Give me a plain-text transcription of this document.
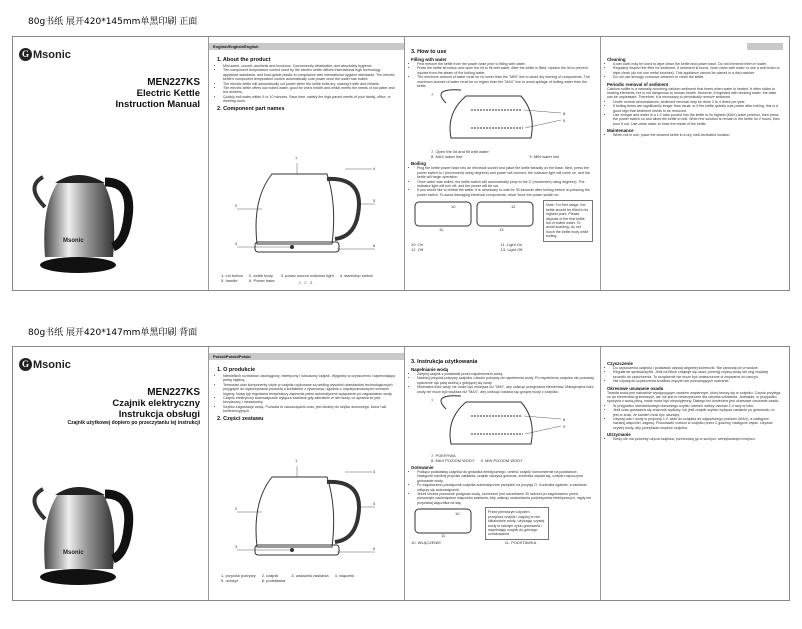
80g书纸 展开420*145mm单黑印刷 正面
G Msonic
MEN227KS
Electric Kettle
Instruction Manual
Msonic
English/English/English
1. About the product
• Mini-sized, curved, aesthetic and luxurious. Conveniently detachable, and absolutely hygienic.
• The component temperature control used by the electric kettle utilizes international high technology appliance standards, and food-grade plastic in compliance with international hygiene standards. The electric kettle's component temperature control automatically cuts power once the water has boiled.
• The electric kettle will automatically cut power when the kettle boils dry, making it safe and reliable.
• The electric kettle offers low boiled water, good for one's health and which meets the needs of hot water and tea drinkers.
• Quickly boil water within 5 or 10 minutes. Save time, satisfy the high-paced needs of your family, office, or meeting room.
2. Component part names
1
2
3
4
5
6
1. Lid button 2. kettle body	3. power source indicator light 4. start/stop switch
5. handle	6. Power base	1 . 2 . 3 .
3. How to use
Filling with water
• First remove the kettle from the power base prior to filling with water.
• Press the kettle lid button and open the lid to fill with water. After the kettle is filled, replace the lid to prevent injuries from the steam of the boiling water.
• The minimum amount of water must be no lower than the "MIN" line to avoid dry burning of components. The maximum amount of water must be no higher than the "MAX" line to avoid spillage of boiling water from the kettle.
8
9
7
7. Open the lid and fill with water
8. MAX water line	9. MIN water line
Boiling
• Plug the kettle power base into an electrical socket and place the kettle steadily on the base. Next, press the power switch to I (movement) using degrees) and power will connect, the indicator light will come on, and the kettle will begin operation.
• Once water was boiled, the kettle switch will automatically jump to the O (movement) using degrees). The indicator light will turn off, and the power will be cut.
• If you would like to reheat the water, it is necessary to wait for 30 seconds after boiling before re-pressing the power switch. To avoid damaging electrical components, never force the power switch on.
10
11
12
13
Note: For first usage, the kettle should be filled to its highest point. Please dispose of the first kettle full of boiled water. To avoid scalding, do not touch the kettle body while boiling.
10. On	11. Light On
12. Off	13. Light Off
Cleaning
• A wet cloth may be used to wipe clean the kettle and power base. Do not immerse them in water.
• Regularly inspect the filter for sediment. If sediment is found, rinse clean with water or use a soft brush to wipe clean (do not use metal brushes). This appliance cannot be placed in a dish washer.
• Do not use strongly corrosive cleaners to clean the kettle.
Periodic removal of sediment
Calcium sulfite is a naturally occurring calcium sediment that forms when water is heated. It often sticks to heating elements, but is not dangerous to human health. However, if ingested with drinking water, the taste can be unpleasant. Therefore, it is necessary to periodically remove sediment.
• Under normal circumstances, sediment removal may be done 2 to 4 times per year.
• If boiling times are significantly longer than usual, or if the kettle quickly cuts power after boiling, this is a good sign that sediment needs to be removed.
• Use vinegar and water in a 1:2 ratio poured into the kettle to its highest (MAX) water position, then press the power switch on and allow the kettle to boil. When the solution is remain in the kettle for 2 hours, then pour it out. Use clean water to rinse the inside of the kettle.
Maintenance
• When not in use, place the cleaned kettle in a dry, well-ventilated location.
80g书纸 展开420*147mm单黑印刷 背面
G Msonic
MEN227KS
Czajnik elektryczny
Instrukcja obsługi
Czajnik użytkowej dopiero po przeczytaniu tej instrukcji
Msonic
Polski/Polski/Polski
1. O produkcie
• Niewielkich rozmiarów, zaokrąglony, estetyczny i luksusowy czajnik. Wygodny w czyszczeniu i zapewniający pełną higienę.
• Termostat oraz komponenty użyte w czajniku wykonane są według wysokich standardów technologicznych przyjętych do wykorzystania produktu a kontaktem z żywnością i zgodnie z międzynarodowymi normami higieny. Nowy typ regulatora temperatury zapewnia pełne automatyczne wyłączenie po zagotowaniu wody.
• Czajnik elektryczny automatycznie wyłącza zasilanie gdy zabraknie w nim wody, co sprawia że jest bezpieczny i niezawodny.
• Szybko zagotowuje wodę. Pozwala to zaoszczędzić czas, jest idealny do użytku domowego, biura i sal konferencyjnych.
2. Części zestawu
1
2
3
4
5
6
1. przycisk pokrywy 2. czajnik	3. wskaźnik zasilania 4. włącznik
5. uchwyt	6. podstawka
3. Instrukcja użytkowania
Napełnianie wodą
• Zdejmij czajnik z podstawki przed napełnieniem wodą.
• Naciśnij przycisk pokrywy czajnika i otwórz pokrywę do napełnienia wody. Po napełnieniu czajnika nie pozwalaj oparzenie rąk parą wodną z gotującej się wody.
• Minimalna ilość wody nie może być mniejsza niż "MIN", aby uniknąć przegrzania elementów. Maksymalna ilość wody nie może być większa niż "MAX", aby uniknąć rozlania się gorącej wody z czajnika.
8
9
7
7. POKRYWA
8. MAX POZIOM WODY 9. MIN POZIOM WODY
Gotowanie
• Podłącz podstawkę czajnika do gniazdka elektrycznego, umieść czajnik równomiernie na podstawce. Następnie naciśnij przycisk zasilania, czajnik zaczyna gotować, kontrolka zapala się, czajnik rozpoczyna gotowanie wody.
• Po zagotowaniu przełącznik czajnika automatycznie przejdzie na pozycję O. Kontrolka zgaśnie, a zasilanie odłączy się automatycznie.
• Jeżeli chcesz ponownie podgrzać wodę, konieczne jest odczekanie 30 sekund po zagotowaniu przed ponownym naciśnięciem włącznika zasilania. Aby uniknąć uszkodzenia podzespołów elektrycznych, nigdy nie przyciskaj włącznika na siłę.
10
11
Przed pierwszym użyciem, przepłucz czajnik i zagotuj w nim kilkakrotnie wodę, używając czystej wody w każdym cyklu gotowania i napełniając czajnik do górnego oznakowania.
10. WŁĄCZENIE	11. PODSTAWKA
Czyszczenie
• Do czyszczenia czajnika i podstawki używaj wilgotnej ściereczki. Nie zanurzaj ich w wodzie.
• Regularnie sprawdzaj filtr. Jeśli na filtrze znajduje się osad, przemyj czystą wodą lub użyj miękkiej szczotki do czyszczenia. To urządzenie nie może być umieszczone w zmywarce do naczyń.
• Nie używaj do czyszczenia środków żrących lub powodujących ścieranie.
Okresowe usuwanie osadu
Twarda woda jest naturalnie występującym osadem wapiennym, który tworzy się w czajniku. Często przylega on do elementów grzewczych, ale nie jest to niebezpieczne dla zdrowia człowieka. Jednakże, w przypadku spożycia z wodą pitną, smak może być nieprzyjemny. Dlatego też konieczne jest okresowe usuwanie osadu.
• W przypadku standardowego domowego użytku, kamień należy usuwać 2-4 razy w roku.
• Jeśli czas gotowania się znacznie wydłuży, lub jeśli czajnik szybko wyłącza zasilanie po gotowaniu, to jest to znak, że kamień musi być usunięty.
• Używaj octu i wody w proporcji 1:2, wlać do czajnika do najwyższego poziomu (MAX), a następnie naciśnij włącznik i zagotuj. Pozostawić roztwór w czajniku przez 2 godziny, następnie wylać. Używać czystej wody, aby przepłukać wnętrze czajnika.
Utrzymanie
• Kiedy nie ma potrzeby użycia czajnika, przechowuj go w suchym, wentylowanym miejscu.
